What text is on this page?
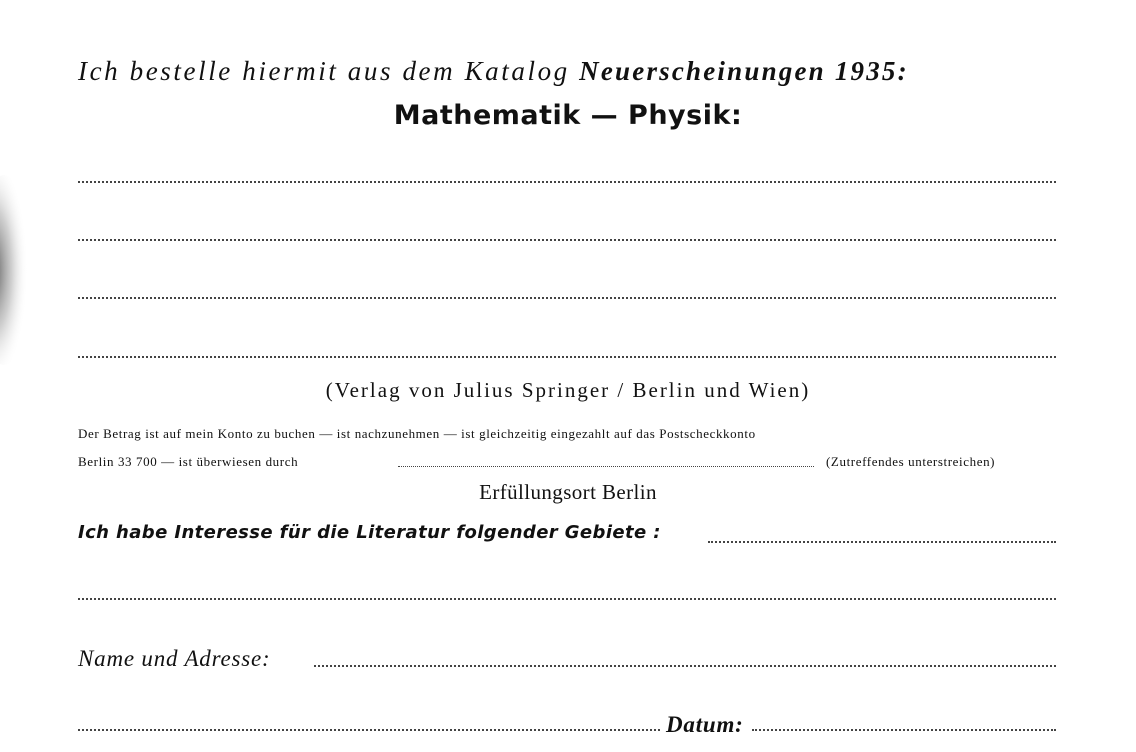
Ich bestelle hiermit aus dem Katalog Neuerscheinungen 1935:
Mathematik — Physik:
(Verlag von Julius Springer / Berlin und Wien)
Der Betrag ist auf mein Konto zu buchen — ist nachzunehmen — ist gleichzeitig eingezahlt auf das Postscheckkonto
Berlin 33 700 — ist überwiesen durch	(Zutreffendes unterstreichen)
Erfüllungsort Berlin
Ich habe Interesse für die Literatur folgender Gebiete :
Name und Adresse:
Datum:
